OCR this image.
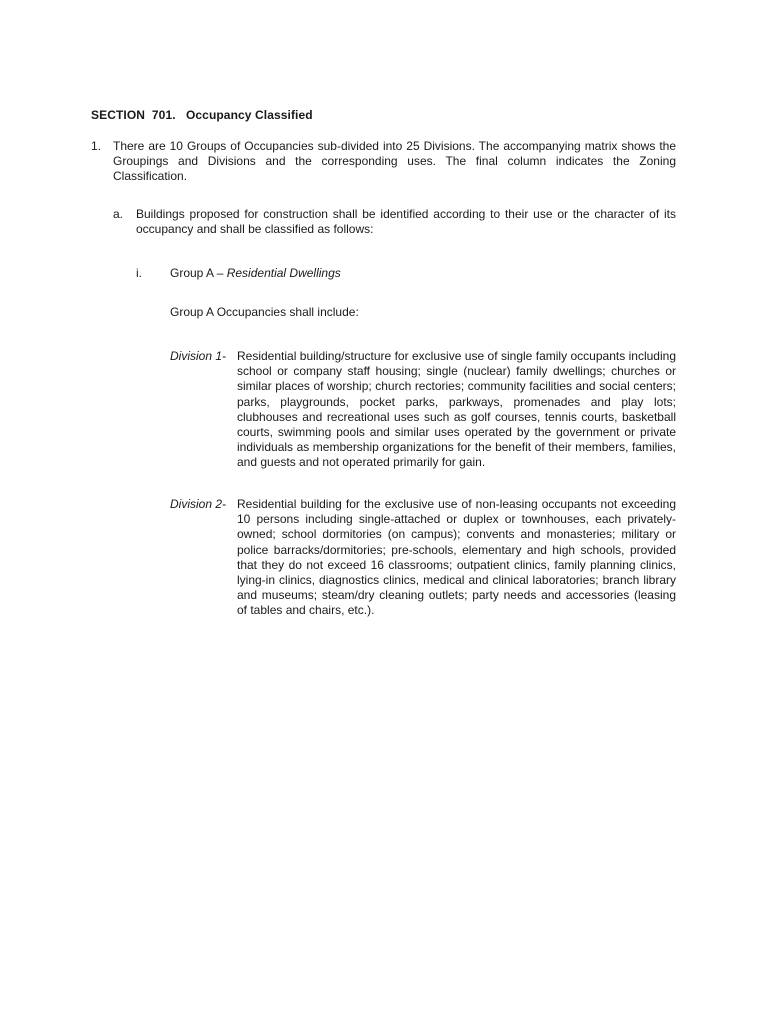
SECTION  701.   Occupancy Classified
1. There are 10 Groups of Occupancies sub-divided into 25 Divisions. The accompanying matrix shows the Groupings and Divisions and the corresponding uses. The final column indicates the Zoning Classification.
a. Buildings proposed for construction shall be identified according to their use or the character of its occupancy and shall be classified as follows:
i. Group A – Residential Dwellings
Group A Occupancies shall include:
Division 1- Residential building/structure for exclusive use of single family occupants including school or company staff housing; single (nuclear) family dwellings; churches or similar places of worship; church rectories; community facilities and social centers; parks, playgrounds, pocket parks, parkways, promenades and play lots; clubhouses and recreational uses such as golf courses, tennis courts, basketball courts, swimming pools and similar uses operated by the government or private individuals as membership organizations for the benefit of their members, families, and guests and not operated primarily for gain.
Division 2- Residential building for the exclusive use of non-leasing occupants not exceeding 10 persons including single-attached or duplex or townhouses, each privately-owned; school dormitories (on campus); convents and monasteries; military or police barracks/dormitories; pre-schools, elementary and high schools, provided that they do not exceed 16 classrooms; outpatient clinics, family planning clinics, lying-in clinics, diagnostics clinics, medical and clinical laboratories; branch library and museums; steam/dry cleaning outlets; party needs and accessories (leasing of tables and chairs, etc.).
